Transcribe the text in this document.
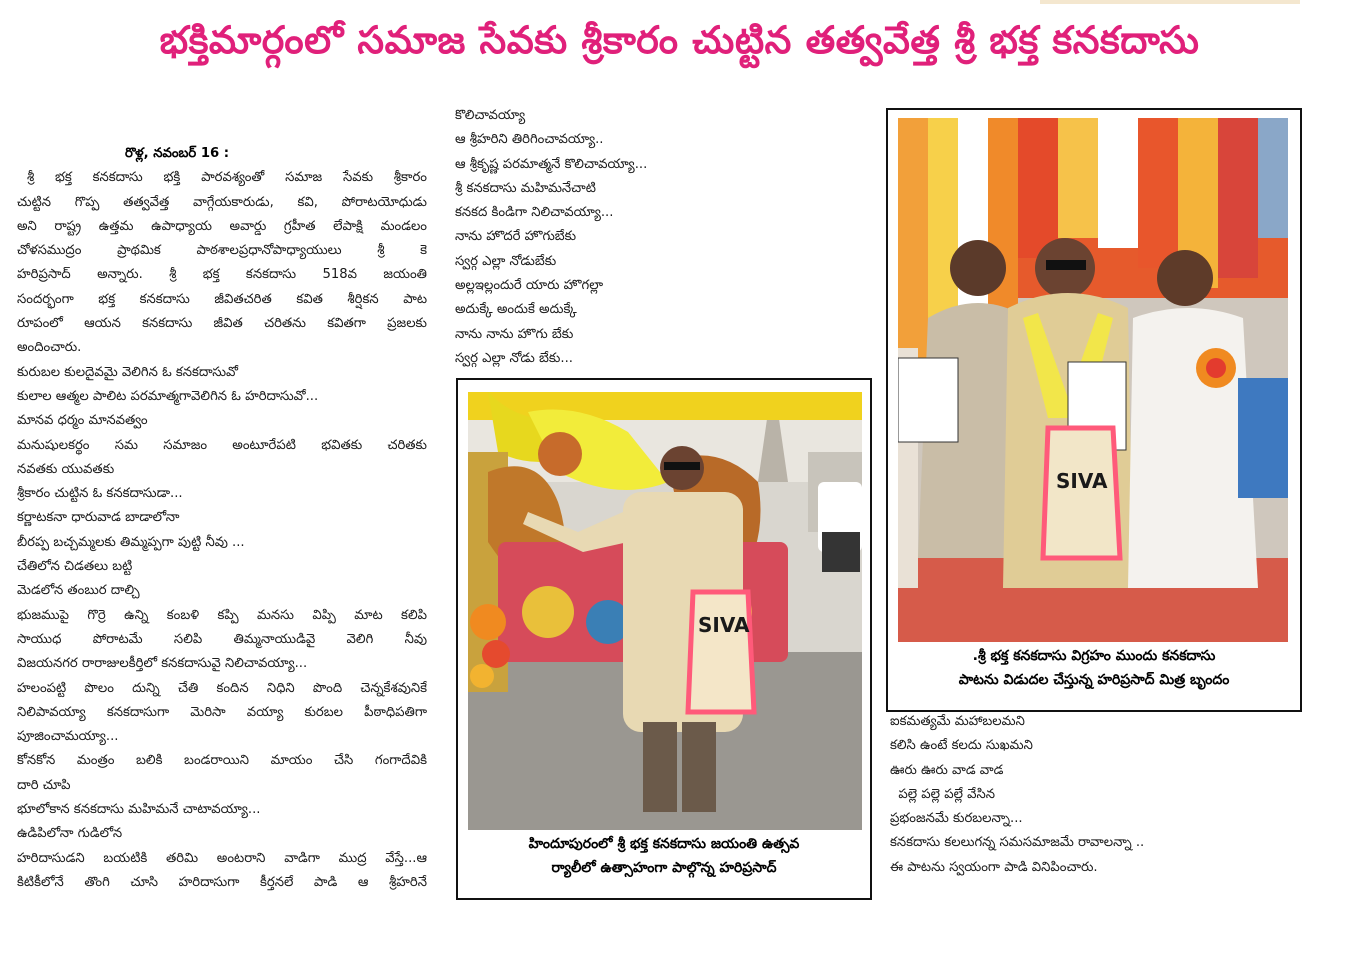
భక్తిమార్గంలో సమాజ సేవకు శ్రీకారం చుట్టిన తత్వవేత్త శ్రీ భక్త కనకదాసు

రొళ్ల, నవంబర్ 16 :

శ్రీ భక్త కనకదాసు భక్తి పారవశ్యంతో సమాజ సేవకు శ్రీకారం

చుట్టిన గొప్ప తత్వవేత్త వాగ్గేయకారుడు, కవి, పోరాటయోధుడు

అని రాష్ట్ర ఉత్తమ ఉపాధ్యాయ అవార్డు గ్రహీత లేపాక్షి మండలం

చోళసముద్రం ప్రాథమిక పాఠశాలప్రధానోపాధ్యాయులు శ్రీ కె

హరిప్రసాద్ అన్నారు. శ్రీ భక్త కనకదాసు 518వ జయంతి

సందర్భంగా భక్త కనకదాసు జీవితచరిత కవిత శీర్షికన పాట

రూపంలో ఆయన కనకదాసు జీవిత చరితను కవితగా ప్రజలకు

అందించారు.

కురుబల కులదైవమై వెలిగిన ఓ కనకదాసువో

కులాల ఆత్మల పాలిట పరమాత్మగావెలిగిన ఓ హరిదాసువో...

మానవ ధర్మం మానవత్వం

మనుషులకర్థం సమ సమాజం అంటూరేపటి భవితకు చరితకు

నవతకు యువతకు

శ్రీకారం చుట్టిన ఓ కనకదాసుడా...

కర్ణాటకనా ధారువాడ బాడాలోనా

బీరప్ప బచ్చమ్మలకు తిమ్మప్పగా పుట్టి నీవు ...

చేతిలోన చిడతలు బట్టి

మెడలోన తంబుర దాల్చి

భుజముపై గొర్రె ఉన్ని కంబళి కప్పి మనసు విప్పి మాట కలిపి

సాయుధ పోరాటమే సలిపి తిమ్మనాయుడివై వెలిగి నీవు

విజయనగర రారాజులకీర్తిలో కనకదాసువై నిలిచావయ్యా...

హలంపట్టి పొలం దున్ని చేతి కందిన నిధిని పొంది చెన్నకేశవునికే

నిలిపావయ్యా కనకదాసుగా మెరిసా వయ్యా కురబల పీఠాధిపతిగా

పూజించామయ్యా...

కోనకోన మంత్రం బలికి బండరాయిని మాయం చేసి గంగాదేవికి

దారి చూపి

భూలోకాన కనకదాసు మహిమనే చాటావయ్యా...

ఉడిపిలోనా గుడిలోన

హరిదాసుడని బయటికి తరిమి అంటరాని వాడిగా ముద్ర వేస్తే...ఆ

కిటికీలోనే తొంగి చూసి హరిదాసుగా కీర్తనలే పాడి ఆ శ్రీహరినే

కొలిచావయ్యా

ఆ శ్రీహరిని తిరిగించావయ్యా..

ఆ శ్రీకృష్ణ పరమాత్మనే కొలిచావయ్యా...

శ్రీ కనకదాసు మహిమనేచాటి

కనకద కిండిగా నిలిచావయ్యా...

నాను హొదరే హొగుబేకు

స్వర్గ ఎల్లా నోడుబేకు

అల్లఇల్లందురే యారు హొగల్లా

అదుక్కే అందుకే అదుక్కే

నాను నాను హొగు బేకు

స్వర్గ ఎల్లా నోడు బేకు...

SIVA
హిందూపురంలో శ్రీ భక్త కనకదాసు జయంతి ఉత్సవ
ర్యాలీలో ఉత్సాహంగా పాల్గొన్న హరిప్రసాద్
SIVA
.శ్రీ భక్త కనకదాసు విగ్రహం ముందు కనకదాసు
పాటను విడుదల చేస్తున్న హరిప్రసాద్ మిత్ర బృందం

ఐకమత్యమే మహాబలమని

కలిసి ఉంటే కలదు సుఖమని

ఊరు ఊరు వాడ వాడ

పల్లె పల్లె పల్లే వేసిన

ప్రభంజనమే కురబలన్నా...

కనకదాసు కలలుగన్న సమసమాజమే రావాలన్నా ..

ఈ పాటను స్వయంగా పాడి వినిపించారు.
